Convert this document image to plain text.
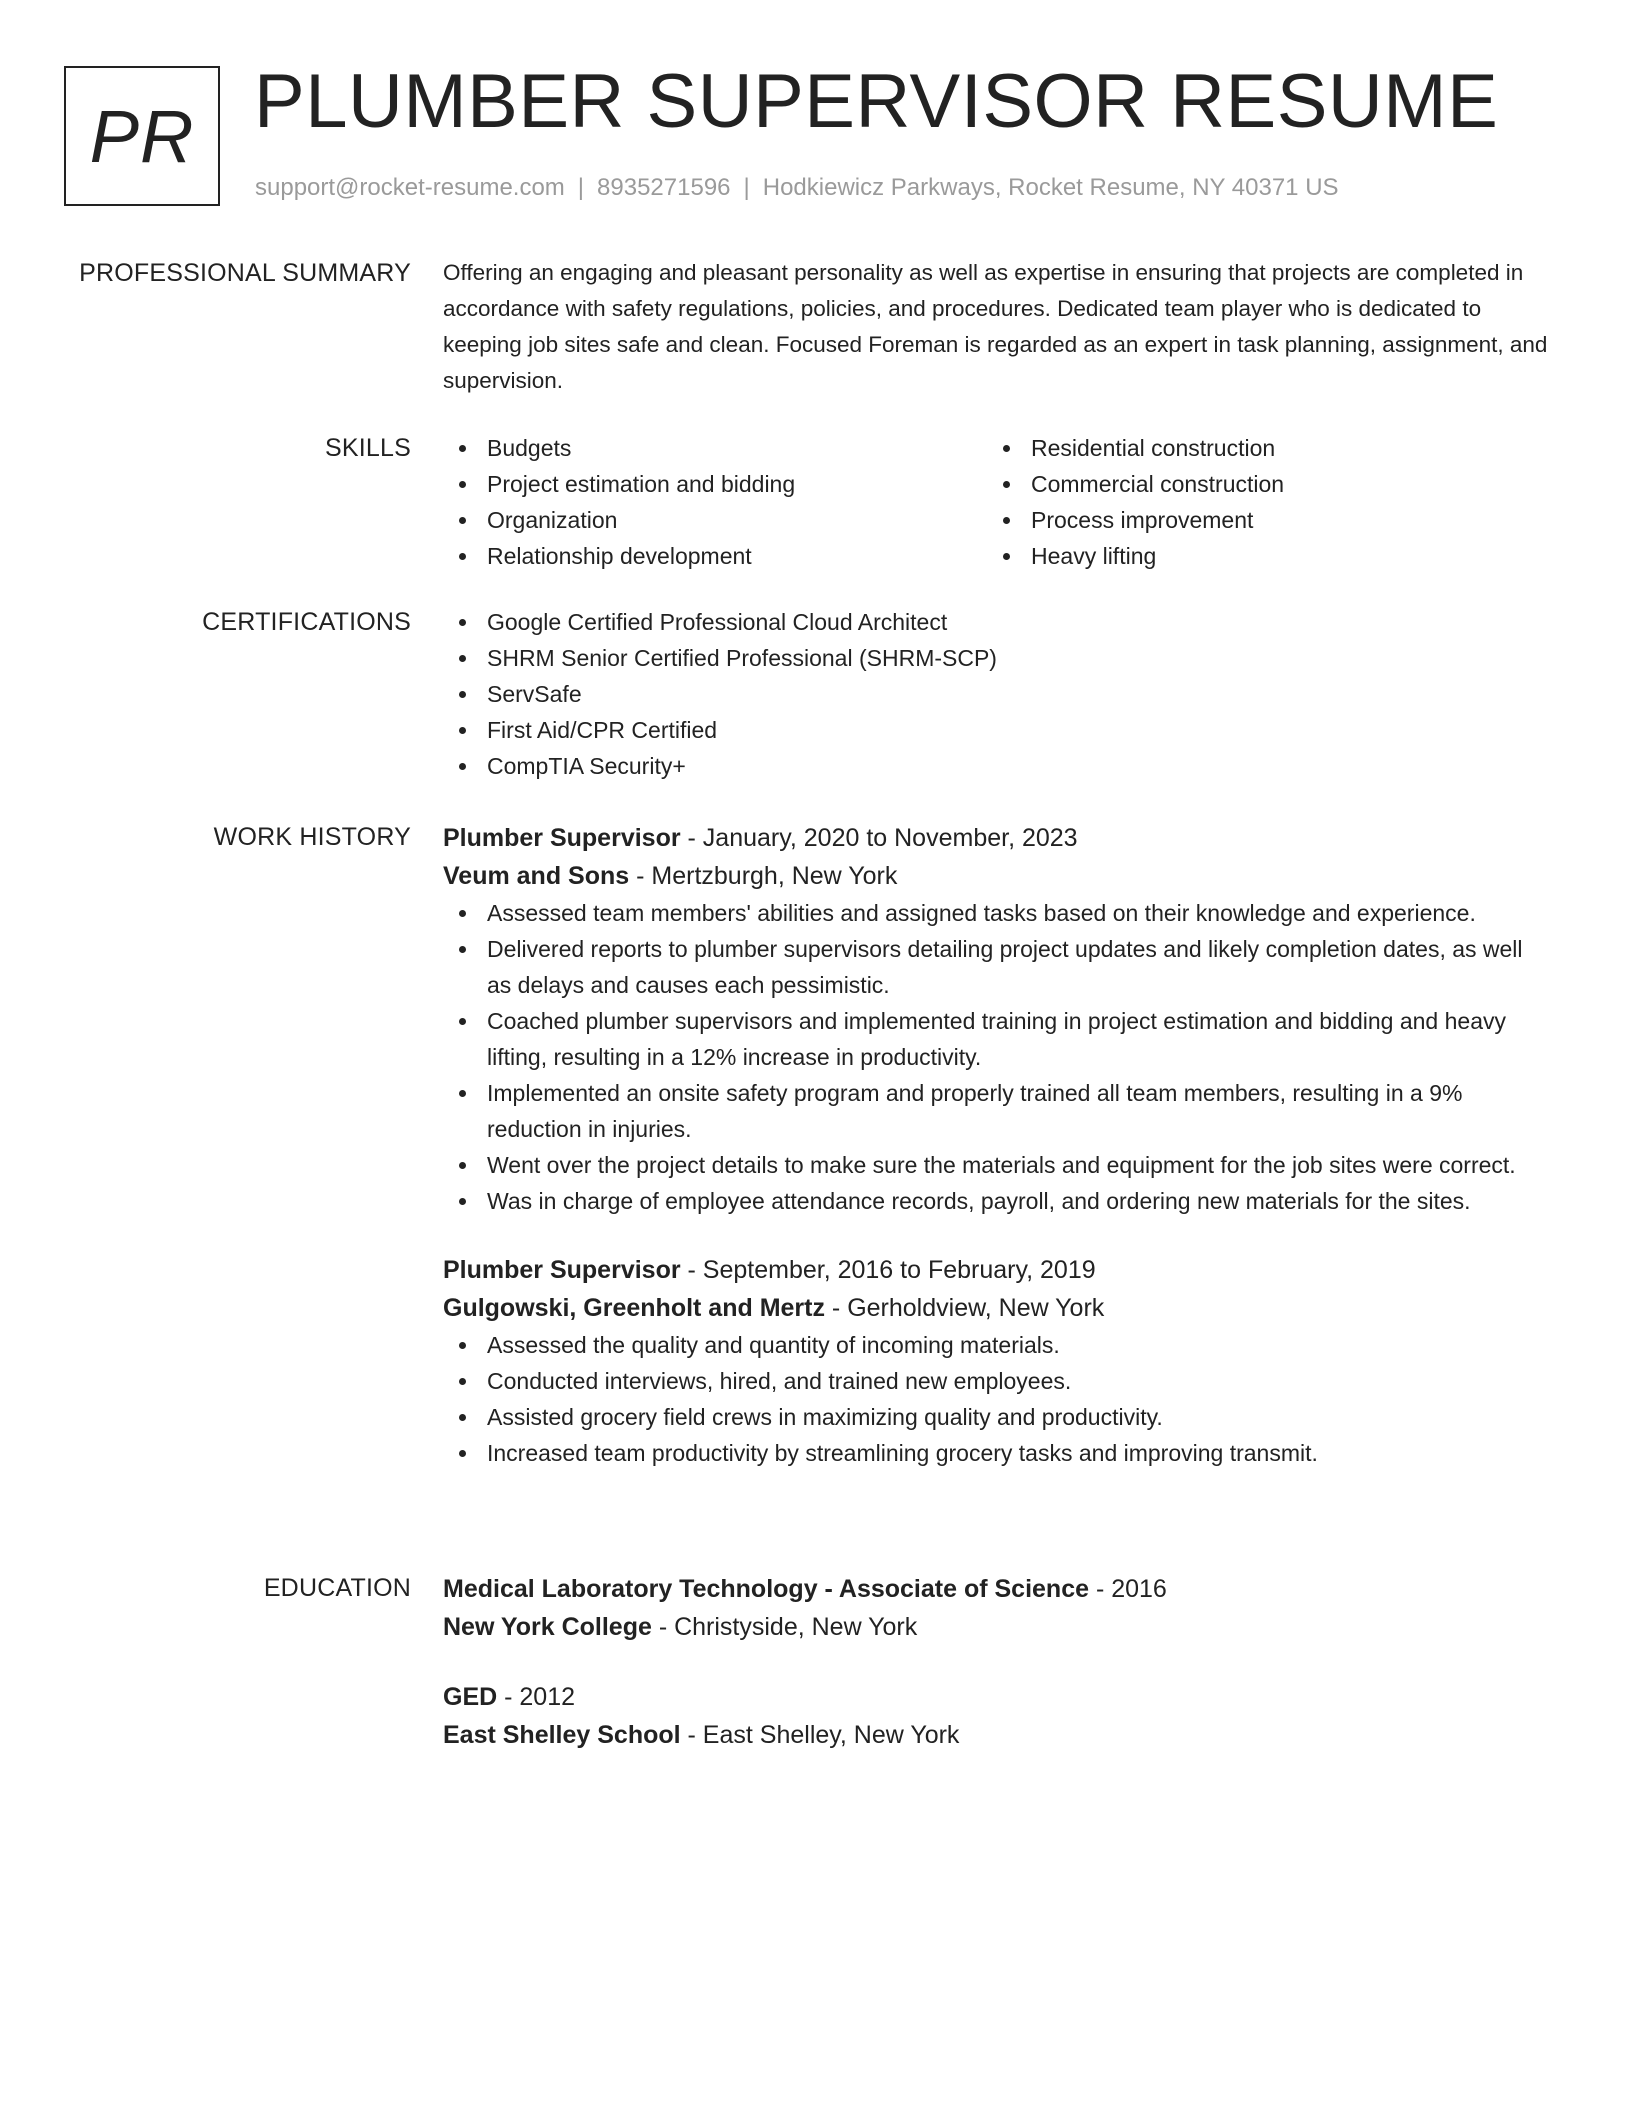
PR PLUMBER SUPERVISOR RESUME
support@rocket-resume.com | 8935271596 | Hodkiewicz Parkways, Rocket Resume, NY 40371 US
PROFESSIONAL SUMMARY Offering an engaging and pleasant personality as well as expertise in ensuring that projects are completed in accordance with safety regulations, policies, and procedures. Dedicated team player who is dedicated to keeping job sites safe and clean. Focused Foreman is regarded as an expert in task planning, assignment, and supervision.

SKILLS	Budgets
Project estimation and bidding
Organization
Relationship development
Residential construction
Commercial construction
Process improvement
Heavy lifting
CERTIFICATIONS	Google Certified Professional Cloud Architect
SHRM Senior Certified Professional (SHRM-SCP)
ServSafe
First Aid/CPR Certified
CompTIA Security+
WORK HISTORY Plumber Supervisor - January, 2020 to November, 2023
Veum and Sons - Mertzburgh, New York
Assessed team members' abilities and assigned tasks based on their knowledge and experience.
Delivered reports to plumber supervisors detailing project updates and likely completion dates, as well as delays and causes each pessimistic.
Coached plumber supervisors and implemented training in project estimation and bidding and heavy lifting, resulting in a 12% increase in productivity.
Implemented an onsite safety program and properly trained all team members, resulting in a 9% reduction in injuries.
Went over the project details to make sure the materials and equipment for the job sites were correct.
Was in charge of employee attendance records, payroll, and ordering new materials for the sites.
Plumber Supervisor - September, 2016 to February, 2019
Gulgowski, Greenholt and Mertz - Gerholdview, New York
Assessed the quality and quantity of incoming materials.
Conducted interviews, hired, and trained new employees.
Assisted grocery field crews in maximizing quality and productivity.
Increased team productivity by streamlining grocery tasks and improving transmit.
EDUCATION Medical Laboratory Technology - Associate of Science - 2016
New York College - Christyside, New York
GED - 2012
East Shelley School - East Shelley, New York
